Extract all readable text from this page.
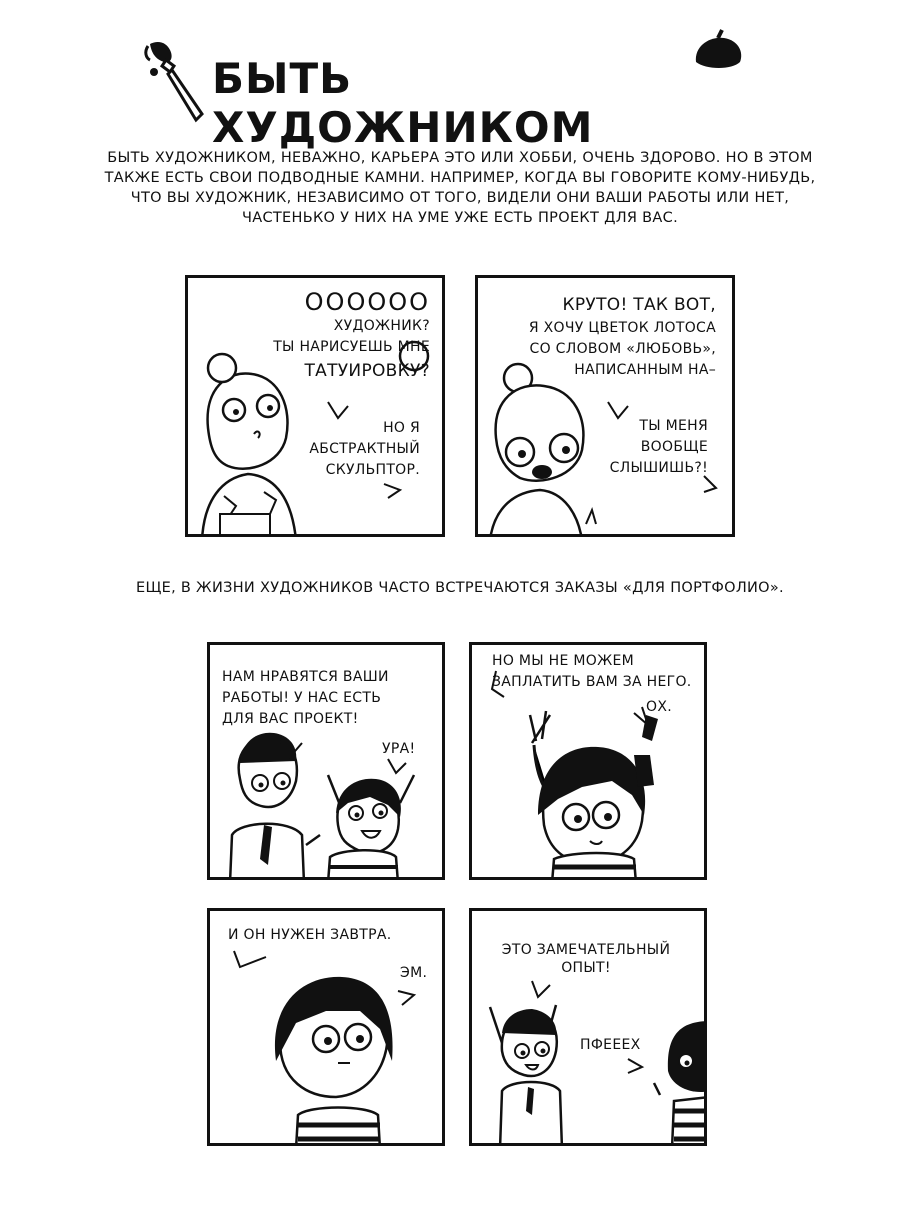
БЫТЬ ХУДОЖНИКОМ

БЫТЬ ХУДОЖНИКОМ, НЕВАЖНО, КАРЬЕРА ЭТО ИЛИ ХОББИ, ОЧЕНЬ ЗДОРОВО. НО В ЭТОМ

ТАКЖЕ ЕСТЬ СВОИ ПОДВОДНЫЕ КАМНИ. НАПРИМЕР, КОГДА ВЫ ГОВОРИТЕ КОМУ-НИБУДЬ,

ЧТО ВЫ ХУДОЖНИК, НЕЗАВИСИМО ОТ ТОГО, ВИДЕЛИ ОНИ ВАШИ РАБОТЫ ИЛИ НЕТ,

ЧАСТЕНЬКО У НИХ НА УМЕ УЖЕ ЕСТЬ ПРОЕКТ ДЛЯ ВАС.

ОООООО
ХУДОЖНИК?
ТЫ НАРИСУЕШЬ МНЕ
ТАТУИРОВКУ?
НО Я
АБСТРАКТНЫЙ
СКУЛЬПТОР.
КРУТО! ТАК ВОТ,
Я ХОЧУ ЦВЕТОК ЛОТОСА
СО СЛОВОМ «ЛЮБОВЬ»,
НАПИСАННЫМ НА–
ТЫ МЕНЯ
ВООБЩЕ
СЛЫШИШЬ?!
ЕЩЕ, В ЖИЗНИ ХУДОЖНИКОВ ЧАСТО ВСТРЕЧАЮТСЯ ЗАКАЗЫ «ДЛЯ ПОРТФОЛИО».
НАМ НРАВЯТСЯ ВАШИ
РАБОТЫ! У НАС ЕСТЬ
ДЛЯ ВАС ПРОЕКТ!
УРА!
НО МЫ НЕ МОЖЕМ
ЗАПЛАТИТЬ ВАМ ЗА НЕГО.
ОХ.
И ОН НУЖЕН ЗАВТРА.
ЭМ.
ЭТО ЗАМЕЧАТЕЛЬНЫЙ
ОПЫТ!
ПФЕЕЕХ
